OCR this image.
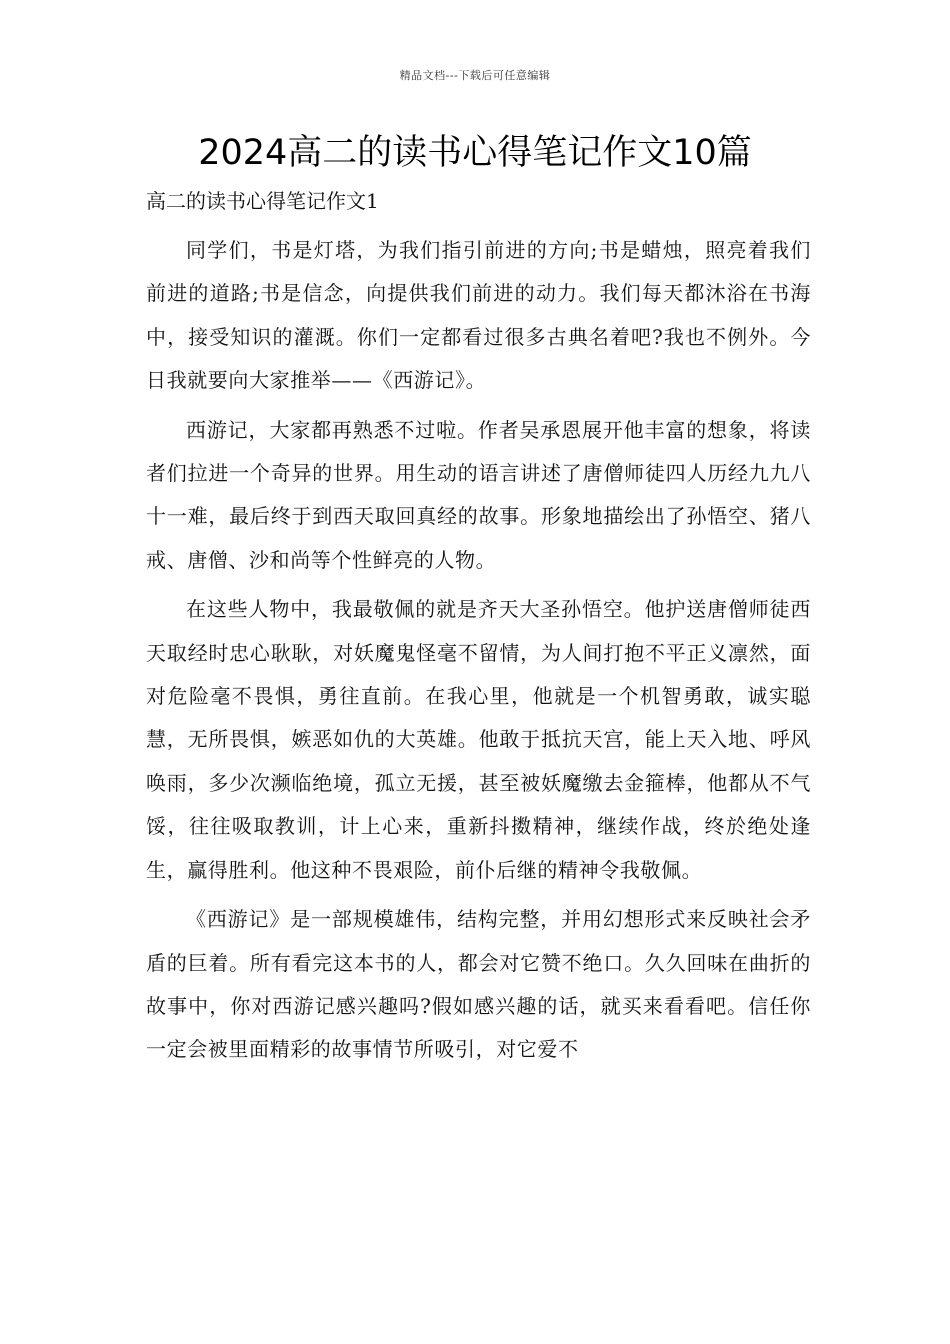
精品文档---下载后可任意编辑
2024高二的读书心得笔记作文10篇
高二的读书心得笔记作文1

同学们，书是灯塔，为我们指引前进的方向;书是蜡烛，照亮着我们前进的道路;书是信念，向提供我们前进的动力。我们每天都沐浴在书海中，接受知识的灌溉。你们一定都看过很多古典名着吧?我也不例外。今日我就要向大家推举——《西游记》。

西游记，大家都再熟悉不过啦。作者吴承恩展开他丰富的想象，将读者们拉进一个奇异的世界。用生动的语言讲述了唐僧师徒四人历经九九八十一难，最后终于到西天取回真经的故事。形象地描绘出了孙悟空、猪八戒、唐僧、沙和尚等个性鲜亮的人物。

在这些人物中，我最敬佩的就是齐天大圣孙悟空。他护送唐僧师徒西天取经时忠心耿耿，对妖魔鬼怪毫不留情，为人间打抱不平正义凛然，面对危险毫不畏惧，勇往直前。在我心里，他就是一个机智勇敢，诚实聪慧，无所畏惧，嫉恶如仇的大英雄。他敢于抵抗天宫，能上天入地、呼风唤雨，多少次濒临绝境，孤立无援，甚至被妖魔缴去金箍棒，他都从不气馁，往往吸取教训，计上心来，重新抖擞精神，继续作战，终於绝处逢生，赢得胜利。他这种不畏艰险，前仆后继的精神令我敬佩。

《西游记》是一部规模雄伟，结构完整，并用幻想形式来反映社会矛盾的巨着。所有看完这本书的人，都会对它赞不绝口。久久回味在曲折的故事中，你对西游记感兴趣吗?假如感兴趣的话，就买来看看吧。信任你一定会被里面精彩的故事情节所吸引，对它爱不
